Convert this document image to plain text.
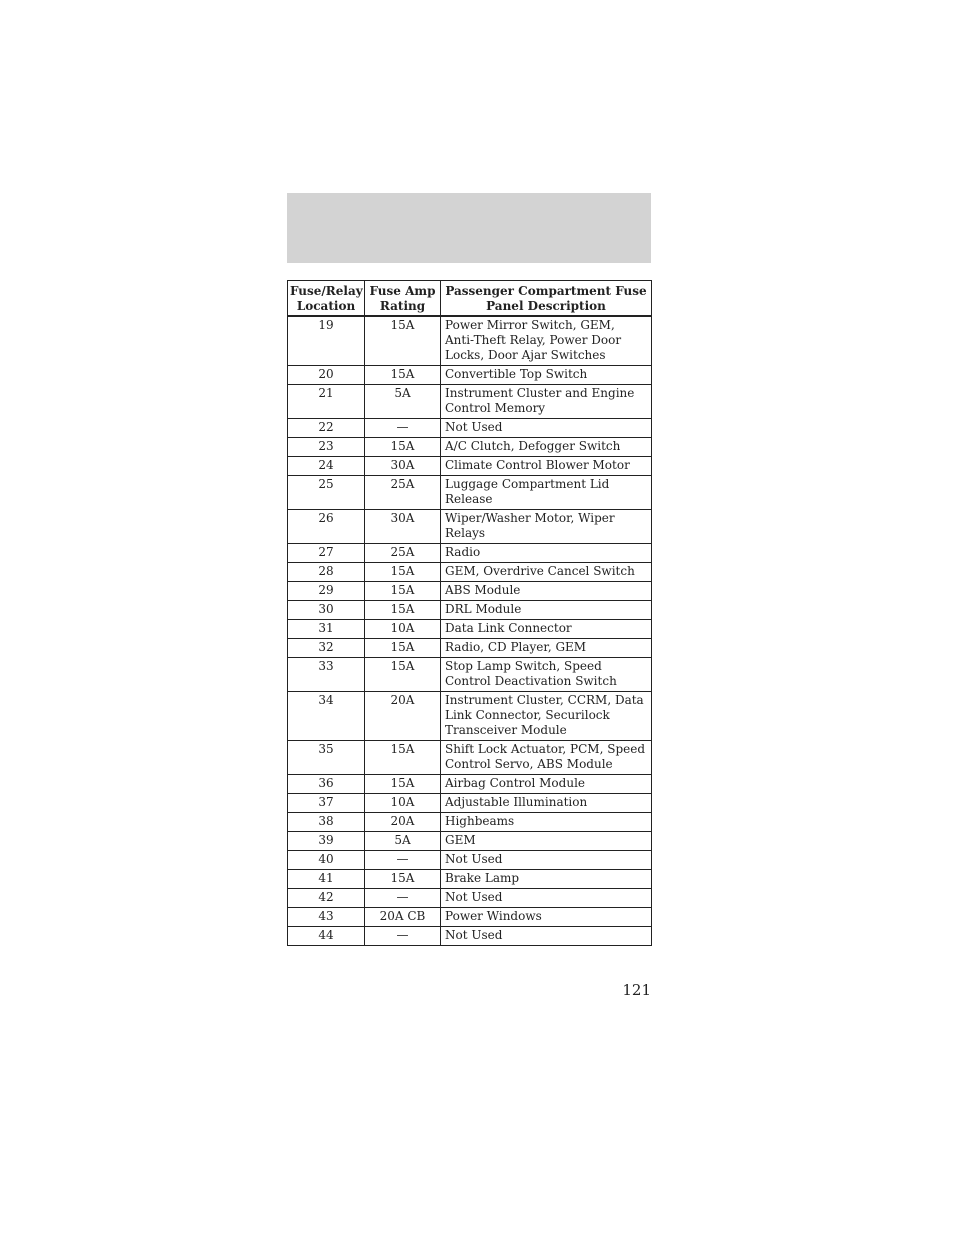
Fuse/Relay Location	Fuse Amp Rating	Passenger Compartment Fuse Panel Description
19	15A	Power Mirror Switch, GEM, Anti-Theft Relay, Power Door Locks, Door Ajar Switches
20	15A	Convertible Top Switch
21	5A	Instrument Cluster and Engine Control Memory
22	—	Not Used
23	15A	A/C Clutch, Defogger Switch
24	30A	Climate Control Blower Motor
25	25A	Luggage Compartment Lid Release
26	30A	Wiper/Washer Motor, Wiper Relays
27	25A	Radio
28	15A	GEM, Overdrive Cancel Switch
29	15A	ABS Module
30	15A	DRL Module
31	10A	Data Link Connector
32	15A	Radio, CD Player, GEM
33	15A	Stop Lamp Switch, Speed Control Deactivation Switch
34	20A	Instrument Cluster, CCRM, Data Link Connector, Securilock Transceiver Module
35	15A	Shift Lock Actuator, PCM, Speed Control Servo, ABS Module
36	15A	Airbag Control Module
37	10A	Adjustable Illumination
38	20A	Highbeams
39	5A	GEM
40	—	Not Used
41	15A	Brake Lamp
42	—	Not Used
43	20A CB	Power Windows
44	—	Not Used
121
